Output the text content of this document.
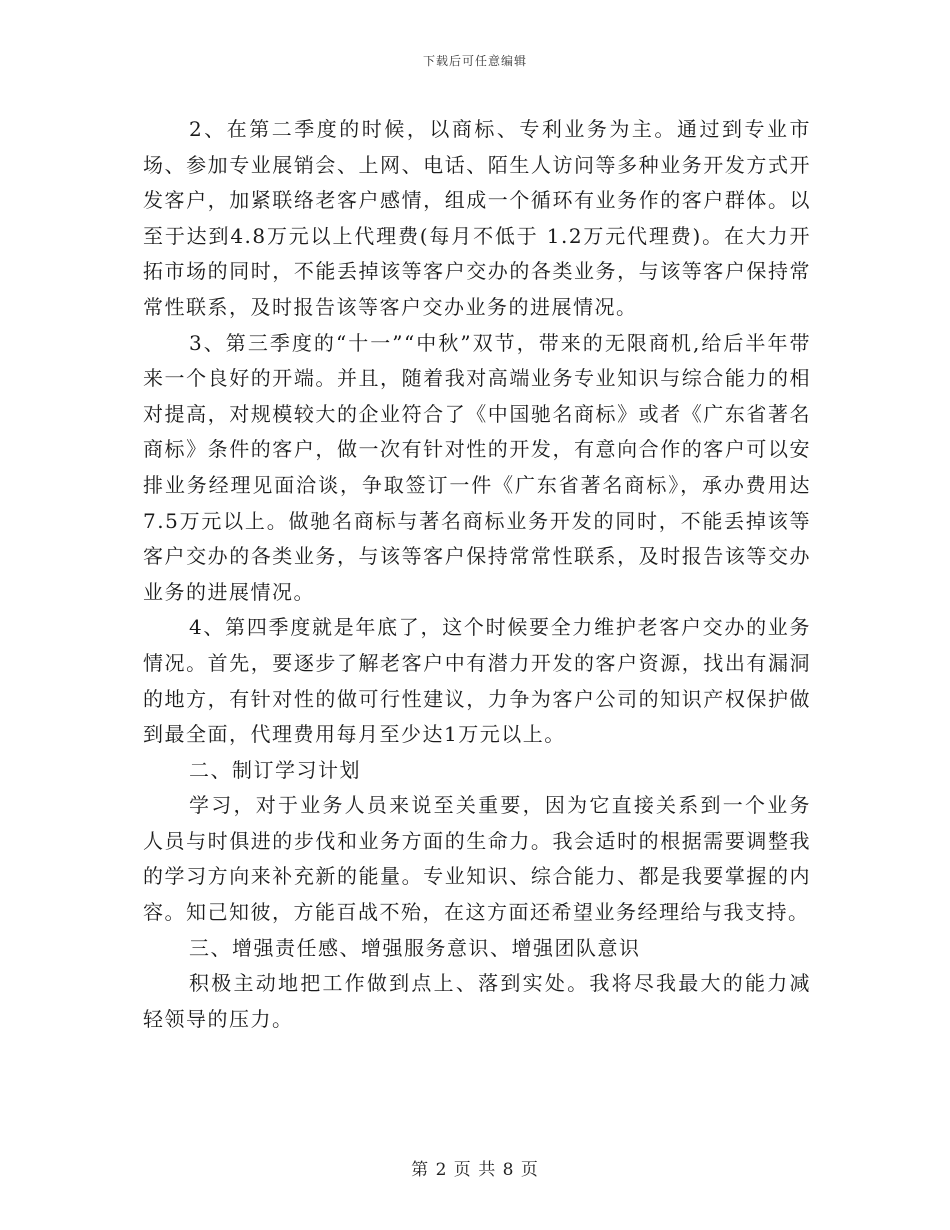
下载后可任意编辑

2、在第二季度的时候，以商标、专利业务为主。通过到专业市场、参加专业展销会、上网、电话、陌生人访问等多种业务开发方式开发客户，加紧联络老客户感情，组成一个循环有业务作的客户群体。以至于达到4.8万元以上代理费(每月不低于 1.2万元代理费)。在大力开拓市场的同时，不能丢掉该等客户交办的各类业务，与该等客户保持常常性联系，及时报告该等客户交办业务的进展情况。

3、第三季度的“十一”“中秋”双节，带来的无限商机,给后半年带来一个良好的开端。并且，随着我对高端业务专业知识与综合能力的相对提高，对规模较大的企业符合了《中国驰名商标》或者《广东省著名商标》条件的客户，做一次有针对性的开发，有意向合作的客户可以安排业务经理见面洽谈，争取签订一件《广东省著名商标》，承办费用达7.5万元以上。做驰名商标与著名商标业务开发的同时，不能丢掉该等客户交办的各类业务，与该等客户保持常常性联系，及时报告该等交办业务的进展情况。

4、第四季度就是年底了，这个时候要全力维护老客户交办的业务情况。首先，要逐步了解老客户中有潜力开发的客户资源，找出有漏洞的地方，有针对性的做可行性建议，力争为客户公司的知识产权保护做到最全面，代理费用每月至少达1万元以上。

二、制订学习计划

学习，对于业务人员来说至关重要，因为它直接关系到一个业务人员与时俱进的步伐和业务方面的生命力。我会适时的根据需要调整我的学习方向来补充新的能量。专业知识、综合能力、都是我要掌握的内容。知己知彼，方能百战不殆，在这方面还希望业务经理给与我支持。

三、增强责任感、增强服务意识、增强团队意识

积极主动地把工作做到点上、落到实处。我将尽我最大的能力减轻领导的压力。

第 2 页 共 8 页
